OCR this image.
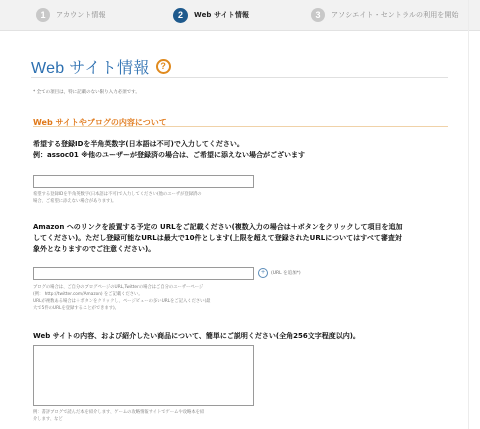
1	アカウント情報	2	Web サイト情報	3	アソシエイト・セントラルの利用を開始
Web サイト情報	?
* 全ての項目は，特に記載のない限り入力必須です。
Web サイトやブログの内容について
希望する登録IDを半角英数字(日本語は不可)で入力してください。
例：assoc01 ※他のユーザーが登録済の場合は、ご希望に添えない場合がございます
希望する登録IDを半角英数字(日本語は不可)で入力してください(他のユーザが登録済の
場合、ご希望に添えない場合があります)。
Amazon へのリンクを設置する予定の URLをご記載ください(複数入力の場合は＋ボタンをクリックして項目を追加
してください)。ただし登録可能なURLは最大で10件とします(上限を超えて登録されたURLについてはすべて審査対
象外となりますのでご注意ください)。
+	(URL を追加*)
ブログの場合は、ご自分のブログページのURL,Twitterの場合はご自分のユーザーページ
(例： http://twitter.com/Amazon) をご記載ください。
URLが複数ある場合は＋ボタンをクリックし、ページビューの多いURLをご記入ください(最
大で5件のURLを登録することができます)。
Web サイトの内容、および紹介したい商品について、簡単にご説明ください(全角256文字程度以内)。
例：書評ブログで読んだ本を紹介します、ゲームの攻略情報サイトでゲームや攻略本を紹
介します、など
